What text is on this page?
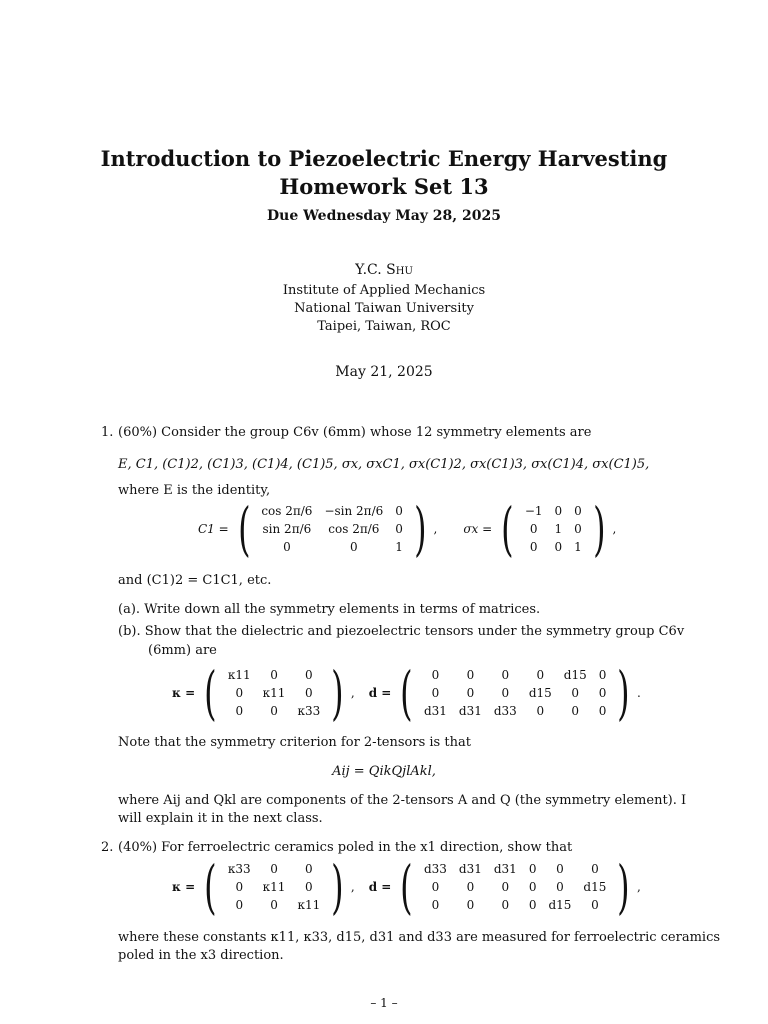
Introduction to Piezoelectric Energy Harvesting
Homework Set 13
Due Wednesday May 28, 2025
Y.C. Shu
Institute of Applied Mechanics
National Taiwan University
Taipei, Taiwan, ROC
May 21, 2025
1. (60%) Consider the group C6v (6mm) whose 12 symmetry elements are
E, C1, (C1)2, (C1)3, (C1)4, (C1)5, σx, σxC1, σx(C1)2, σx(C1)3, σx(C1)4, σx(C1)5,
where E is the identity,
C1 = ( cos 2π/6	−sin 2π/6	0
sin 2π/6	cos 2π/6	0
0	0	1 ) , σx = ( −1	0	0
0	1	0
0	0	1 ) ,
and (C1)2 = C1C1, etc.
(a). Write down all the symmetry elements in terms of matrices.
(b). Show that the dielectric and piezoelectric tensors under the symmetry group C6v
(6mm) are
κ = ( κ11	0	0
0	κ11	0
0	0	κ33 ) , d = ( 0	0	0	0	d15	0
0	0	0	d15	0	0
d31	d31	d33	0	0	0 ) .
Note that the symmetry criterion for 2-tensors is that
Aij = QikQjlAkl,
where Aij and Qkl are components of the 2-tensors A and Q (the symmetry element). I
will explain it in the next class.
2. (40%) For ferroelectric ceramics poled in the x1 direction, show that
κ = ( κ33	0	0
0	κ11	0
0	0	κ11 ) , d = ( d33	d31	d31	0	0	0
0	0	0	0	0	d15
0	0	0	0	d15	0 ) ,
where these constants κ11, κ33, d15, d31 and d33 are measured for ferroelectric ceramics
poled in the x3 direction.
– 1 –
